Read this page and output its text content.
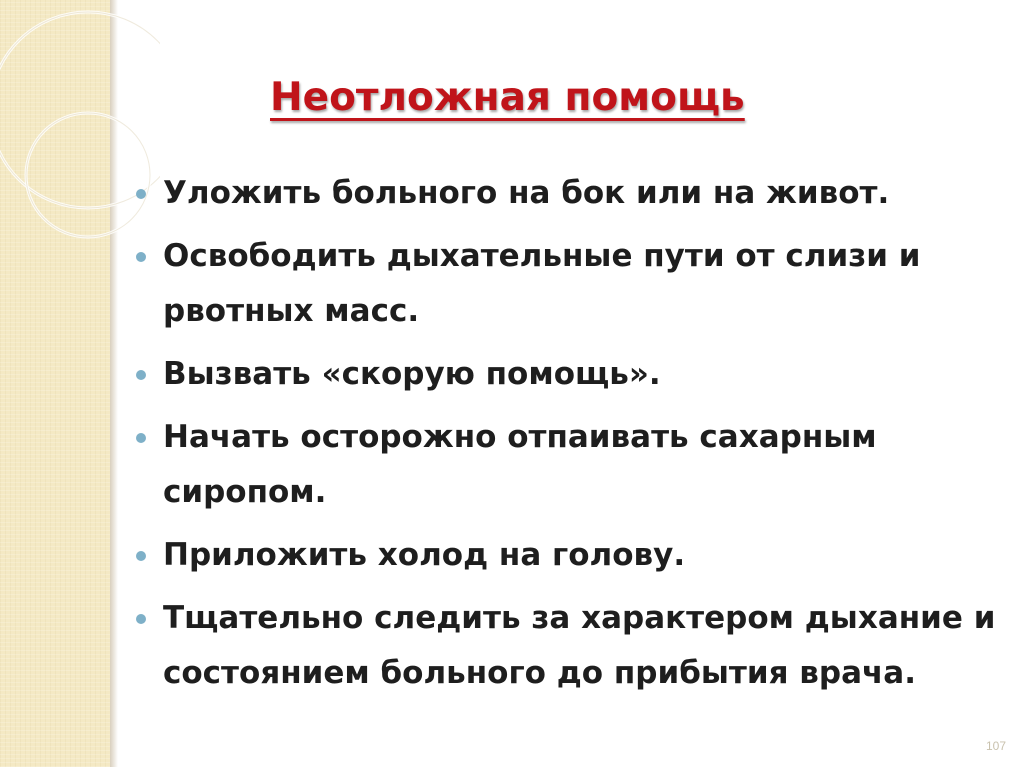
Неотложная помощь
Уложить больного на бок или на живот.
Освободить дыхательные пути от слизи и рвотных масс.
Вызвать «скорую помощь».
Начать осторожно отпаивать сахарным сиропом.
Приложить холод на голову.
Тщательно следить за характером дыхание и состоянием больного до прибытия врача.
107
